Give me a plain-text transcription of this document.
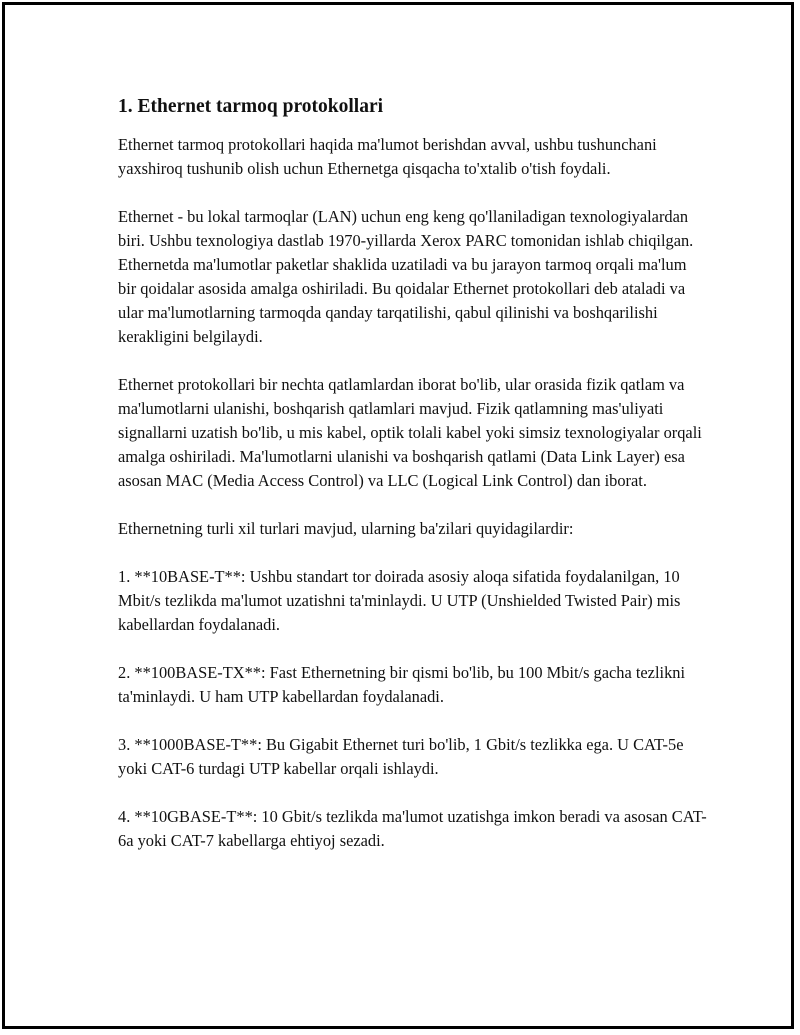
1. Ethernet tarmoq protokollari

Ethernet tarmoq protokollari haqida ma'lumot berishdan avval, ushbu tushunchani yaxshiroq tushunib olish uchun Ethernetga qisqacha to'xtalib o'tish foydali.

Ethernet - bu lokal tarmoqlar (LAN) uchun eng keng qo'llaniladigan texnologiyalardan biri. Ushbu texnologiya dastlab 1970-yillarda Xerox PARC tomonidan ishlab chiqilgan. Ethernetda ma'lumotlar paketlar shaklida uzatiladi va bu jarayon tarmoq orqali ma'lum bir qoidalar asosida amalga oshiriladi. Bu qoidalar Ethernet protokollari deb ataladi va ular ma'lumotlarning tarmoqda qanday tarqatilishi, qabul qilinishi va boshqarilishi kerakligini belgilaydi.

Ethernet protokollari bir nechta qatlamlardan iborat bo'lib, ular orasida fizik qatlam va ma'lumotlarni ulanishi, boshqarish qatlamlari mavjud. Fizik qatlamning mas'uliyati signallarni uzatish bo'lib, u mis kabel, optik tolali kabel yoki simsiz texnologiyalar orqali amalga oshiriladi. Ma'lumotlarni ulanishi va boshqarish qatlami (Data Link Layer) esa asosan MAC (Media Access Control) va LLC (Logical Link Control) dan iborat.

Ethernetning turli xil turlari mavjud, ularning ba'zilari quyidagilardir:

1. **10BASE-T**: Ushbu standart tor doirada asosiy aloqa sifatida foydalanilgan, 10 Mbit/s tezlikda ma'lumot uzatishni ta'minlaydi. U UTP (Unshielded Twisted Pair) mis kabellardan foydalanadi.

2. **100BASE-TX**: Fast Ethernetning bir qismi bo'lib, bu 100 Mbit/s gacha tezlikni ta'minlaydi. U ham UTP kabellardan foydalanadi.

3. **1000BASE-T**: Bu Gigabit Ethernet turi bo'lib, 1 Gbit/s tezlikka ega. U CAT-5e yoki CAT-6 turdagi UTP kabellar orqali ishlaydi.

4. **10GBASE-T**: 10 Gbit/s tezlikda ma'lumot uzatishga imkon beradi va asosan CAT-6a yoki CAT-7 kabellarga ehtiyoj sezadi.
